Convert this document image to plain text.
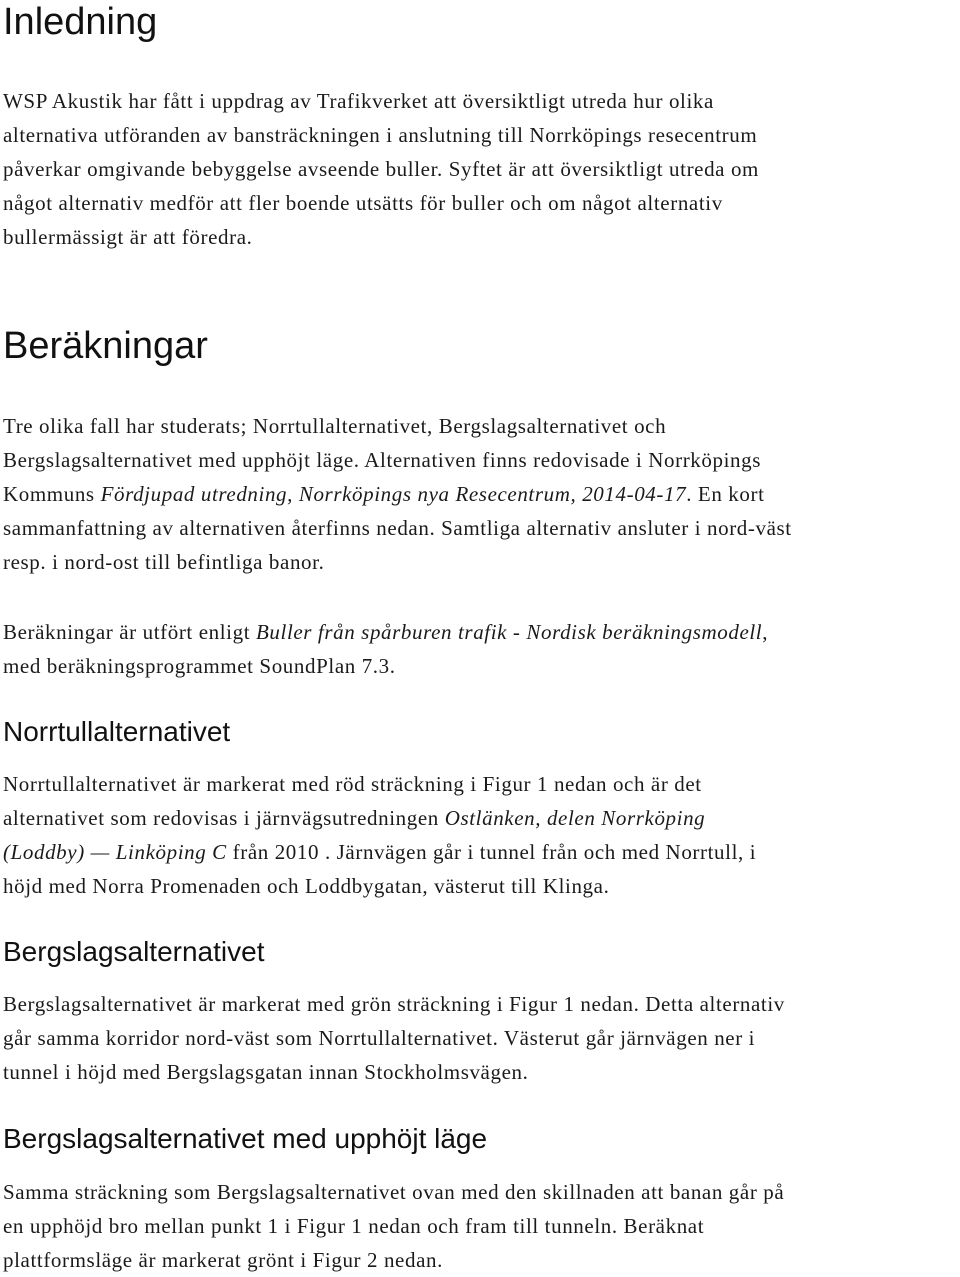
Inledning
WSP Akustik har fått i uppdrag av Trafikverket att översiktligt utreda hur olika
alternativa utföranden av bansträckningen i anslutning till Norrköpings resecentrum
påverkar omgivande bebyggelse avseende buller. Syftet är att översiktligt utreda om
något alternativ medför att fler boende utsätts för buller och om något alternativ
bullermässigt är att föredra.
Beräkningar
Tre olika fall har studerats; Norrtullalternativet, Bergslagsalternativet och
Bergslagsalternativet med upphöjt läge. Alternativen finns redovisade i Norrköpings
Kommuns Fördjupad utredning, Norrköpings nya Resecentrum, 2014-04-17. En kort
sammanfattning av alternativen återfinns nedan. Samtliga alternativ ansluter i nord-väst
resp. i nord-ost till befintliga banor.
Beräkningar är utfört enligt Buller från spårburen trafik - Nordisk beräkningsmodell,
med beräkningsprogrammet SoundPlan 7.3.
Norrtullalternativet
Norrtullalternativet är markerat med röd sträckning i Figur 1 nedan och är det
alternativet som redovisas i järnvägsutredningen Ostlänken, delen Norrköping
(Loddby) — Linköping C från 2010 . Järnvägen går i tunnel från och med Norrtull, i
höjd med Norra Promenaden och Loddbygatan, västerut till Klinga.
Bergslagsalternativet
Bergslagsalternativet är markerat med grön sträckning i Figur 1 nedan. Detta alternativ
går samma korridor nord-väst som Norrtullalternativet. Västerut går järnvägen ner i
tunnel i höjd med Bergslagsgatan innan Stockholmsvägen.
Bergslagsalternativet med upphöjt läge
Samma sträckning som Bergslagsalternativet ovan med den skillnaden att banan går på
en upphöjd bro mellan punkt 1 i Figur 1 nedan och fram till tunneln. Beräknat
plattformsläge är markerat grönt i Figur 2 nedan.
